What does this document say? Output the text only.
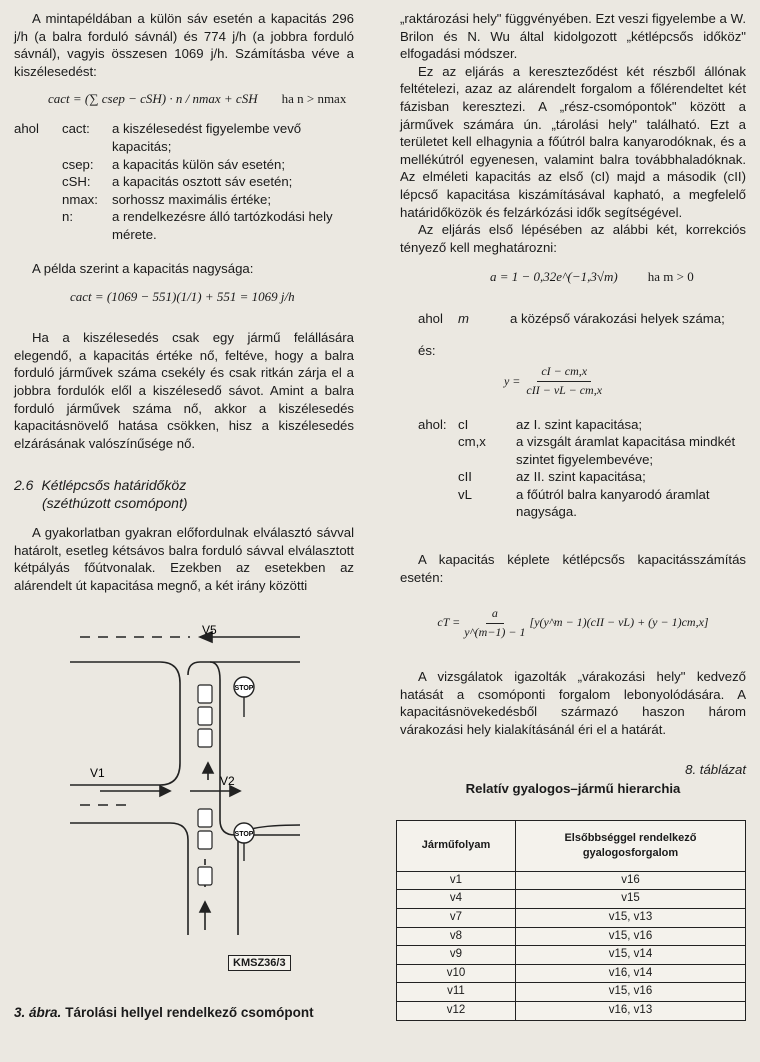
A mintapéldában a külön sáv esetén a kapacitás 296 j/h (a balra forduló sávnál) és 774 j/h (a jobbra forduló sávnál), vagyis összesen 1069 j/h. Számításba véve a kiszélesedést:

cact = (∑ csep − cSH) · n / nmax + cSH ha n > nmax
ahol	cact:	a kiszélesedést figyelembe vevő kapacitás;
csep:	a kapacitás külön sáv esetén;
cSH:	a kapacitás osztott sáv esetén;
nmax:	sorhossz maximális értéke;
n:	a rendelkezésre álló tartózkodási hely mérete.

A példa szerint a kapacitás nagysága:

cact = (1069 − 551)(1/1) + 551 = 1069 j/h

Ha a kiszélesedés csak egy jármű felállására elegendő, a kapacitás értéke nő, feltéve, hogy a balra forduló járművek száma csekély és csak ritkán zárja el a jobbra fordulók elől a kiszélesedő sávot. Amint a balra forduló járművek száma nő, akkor a kiszélesedés kapacitásnövelő hatása csökken, hisz a kiszélesedés elzárásának valószínűsége nő.

2.6 Kétlépcsős határidőköz
(széthúzott csomópont)

A gyakorlatban gyakran előfordulnak elválasztó sávval határolt, esetleg kétsávos balra forduló sávval elválasztott kétpályás főútvonalak. Ezekben az esetekben az alárendelt út kapacitása megnő, a két irány közötti

STOP
STOP
V5
V1
V2
KMSZ36/3
3. ábra. Tárolási hellyel rendelkező csomópont

„raktározási hely" függvényében. Ezt veszi figyelembe a W. Brilon és N. Wu által kidolgozott „kétlépcsős időköz" elfogadási módszer.

Ez az eljárás a kereszteződést két részből állónak feltételezi, azaz az alárendelt forgalom a főlérendeltet két fázisban keresztezi. A „rész-csomópontok" között a járművek számára ún. „tárolási hely" található. Ezt a területet kell elhagynia a főútról balra kanyarodóknak, és a mellékútról egyenesen, valamint balra továbbhaladóknak. Az elméleti kapacitás az első (cI) majd a második (cII) lépcső kapacitása kiszámításával kapható, a megfelelő határidőközök és felzárkózási idők segítségével.

Az eljárás első lépésében az alábbi két, korrekciós tényező kell meghatározni:

a = 1 − 0,32e^(−1,3√m) ha m > 0
ahol	m	a középső várakozási helyek száma;
és:
y =
cI − cm,x
cII − vL − cm,x
ahol: cI	az I. szint kapacitása;
cm,x	a vizsgált áramlat kapacitása mindkét szintet figyelembevéve;
cII	az II. szint kapacitása;
vL	a főútról balra kanyarodó áramlat nagysága.

A kapacitás képlete kétlépcsős kapacitásszámítás esetén:

cT = $\frac{a}{y\^{}(m-1) - 1}$ [y(y^m − 1)(cII − vL) + (y − 1)cm,x]

A vizsgálatok igazolták „várakozási hely" kedvező hatását a csomóponti forgalom lebonyolódására. A kapacitásnövekedésből származó haszon három várakozási hely kialakításánál éri el a határát.

8. táblázat
Relatív gyalogos–jármű hierarchia
Járműfolyam	Elsőbbséggel rendelkező gyalogosforgalom
v1	v16
v4	v15
v7	v15, v13
v8	v15, v16
v9	v15, v14
v10	v16, v14
v11	v15, v16
v12	v16, v13
